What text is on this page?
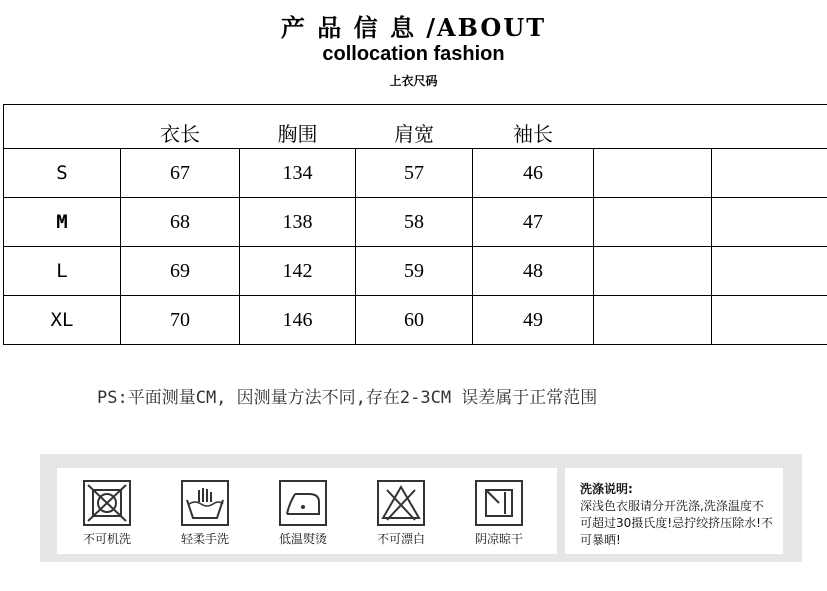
产 品 信 息 /ABOUT
collocation fashion
上衣尺码
	衣长	胸围	肩宽	袖长		
S	67	134	57	46		
M	68	138	58	47		
L	69	142	59	48		
XL	70	146	60	49		
PS:平面测量CM, 因测量方法不同,存在2-3CM 误差属于正常范围
不可机洗	轻柔手洗	低温熨烫	不可漂白	阴凉晾干
洗涤说明:
深浅色衣服请分开洗涤,洗涤温度不可超过30摄氏度!忌拧绞挤压除水!不可暴晒!
